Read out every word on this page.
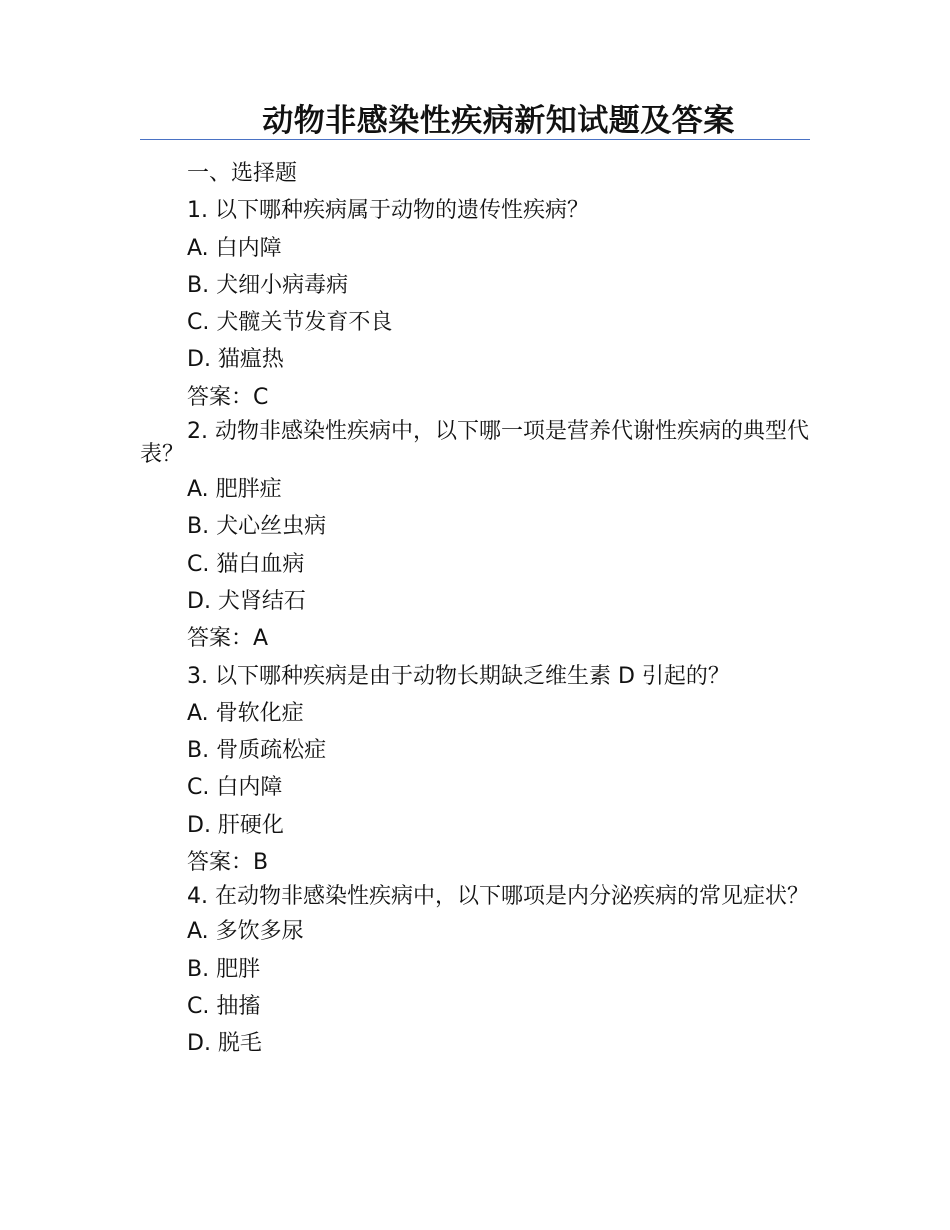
动物非感染性疾病新知试题及答案

一、选择题

1. 以下哪种疾病属于动物的遗传性疾病？

A. 白内障

B. 犬细小病毒病

C. 犬髋关节发育不良

D. 猫瘟热

答案：C

2. 动物非感染性疾病中，以下哪一项是营养代谢性疾病的典型代表？

A. 肥胖症

B. 犬心丝虫病

C. 猫白血病

D. 犬肾结石

答案：A

3. 以下哪种疾病是由于动物长期缺乏维生素 D 引起的？

A. 骨软化症

B. 骨质疏松症

C. 白内障

D. 肝硬化

答案：B

4. 在动物非感染性疾病中，以下哪项是内分泌疾病的常见症状？

A. 多饮多尿

B. 肥胖

C. 抽搐

D. 脱毛
